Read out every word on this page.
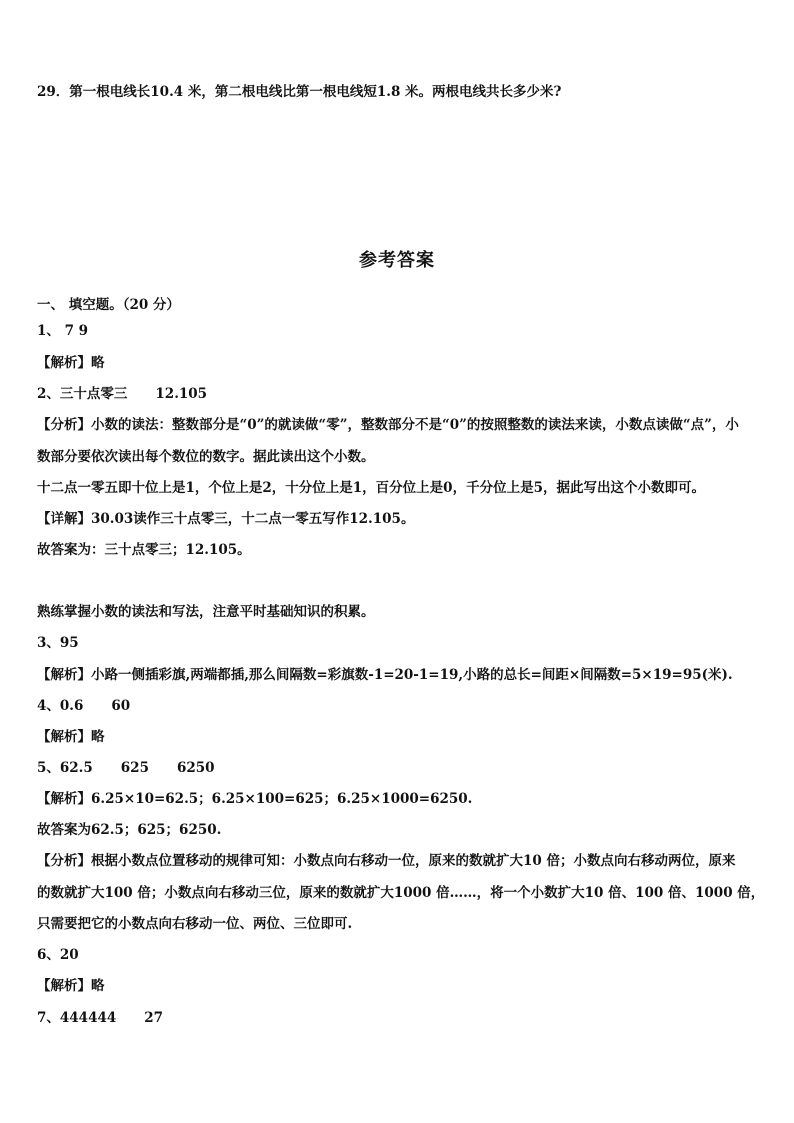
29．第一根电线长10.4 米，第二根电线比第一根电线短1.8 米。两根电线共长多少米?
参考答案
一、 填空题。（20 分）
1、 7 9
【解析】略
2、三十点零三 12.105
【分析】小数的读法：整数部分是“0”的就读做“零”，整数部分不是“0”的按照整数的读法来读，小数点读做“点”，小
数部分要依次读出每个数位的数字。据此读出这个小数。
十二点一零五即十位上是1，个位上是2，十分位上是1，百分位上是0，千分位上是5，据此写出这个小数即可。
【详解】30.03读作三十点零三，十二点一零五写作12.105。
故答案为：三十点零三；12.105。
熟练掌握小数的读法和写法，注意平时基础知识的积累。
3、95
【解析】小路一侧插彩旗,两端都插,那么间隔数=彩旗数-1=20-1=19,小路的总长=间距×间隔数=5×19=95(米).
4、0.6 60
【解析】略
5、62.5 625 6250
【解析】6.25×10=62.5；6.25×100=625；6.25×1000=6250.
故答案为62.5；625；6250.
【分析】根据小数点位置移动的规律可知：小数点向右移动一位，原来的数就扩大10 倍；小数点向右移动两位，原来
的数就扩大100 倍；小数点向右移动三位，原来的数就扩大1000 倍……，将一个小数扩大10 倍、100 倍、1000 倍，
只需要把它的小数点向右移动一位、两位、三位即可.
6、20
【解析】略
7、444444 27
